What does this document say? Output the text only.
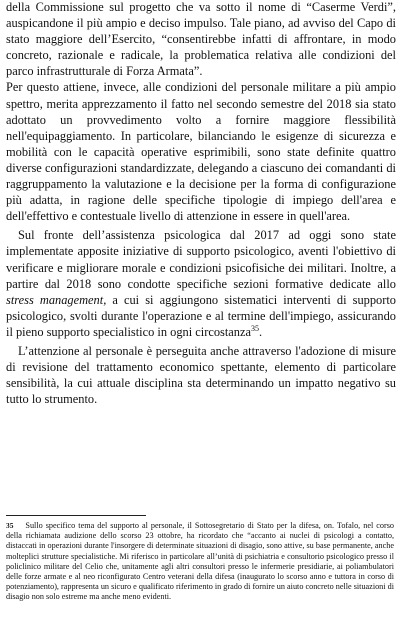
della Commissione sul progetto che va sotto il nome di “Caserme Verdi”, auspicandone il più ampio e deciso impulso. Tale piano, ad avviso del Capo di stato maggiore dell’Esercito, “consentirebbe infatti di affrontare, in modo concreto, razionale e radicale, la problematica relativa alle condizioni del parco infrastrutturale di Forza Armata”.

Per questo attiene, invece, alle condizioni del personale militare a più ampio spettro, merita apprezzamento il fatto nel secondo semestre del 2018 sia stato adottato un provvedimento volto a fornire maggiore flessibilità nell'equipaggiamento. In particolare, bilanciando le esigenze di sicurezza e mobilità con le capacità operative esprimibili, sono state definite quattro diverse configurazioni standardizzate, delegando a ciascuno dei comandanti di raggruppamento la valutazione e la decisione per la forma di configurazione più adatta, in ragione delle specifiche tipologie di impiego dell'area e dell'effettivo e contestuale livello di attenzione in essere in quell'area.

Sul fronte dell’assistenza psicologica dal 2017 ad oggi sono state implementate apposite iniziative di supporto psicologico, aventi l'obiettivo di verificare e migliorare morale e condizioni psicofisiche dei militari. Inoltre, a partire dal 2018 sono condotte specifiche sezioni formative dedicate allo stress management, a cui si aggiungono sistematici interventi di supporto psicologico, svolti durante l'operazione e al termine dell'impiego, assicurando il pieno supporto specialistico in ogni circostanza$^{35}$.

L’attenzione al personale è perseguita anche attraverso l'adozione di misure di revisione del trattamento economico spettante, elemento di particolare sensibilità, la cui attuale disciplina sta determinando un impatto negativo su tutto lo strumento.

35 Sullo specifico tema del supporto al personale, il Sottosegretario di Stato per la difesa, on. Tofalo, nel corso della richiamata audizione dello scorso 23 ottobre, ha ricordato che “accanto ai nuclei di psicologi a contatto, distaccati in operazioni durante l'insorgere di determinate situazioni di disagio, sono attive, su base permanente, anche molteplici strutture specialistiche. Mi riferisco in particolare all’unità di psichiatria e consultorio psicologico presso il policlinico militare del Celio che, unitamente agli altri consultori presso le infermerie presidiarie, ai poliambulatori delle forze armate e al neo riconfigurato Centro veterani della difesa (inaugurato lo scorso anno e tuttora in corso di potenziamento), rappresenta un sicuro e qualificato riferimento in grado di fornire un aiuto concreto nelle situazioni di disagio non solo estreme ma anche meno evidenti.
